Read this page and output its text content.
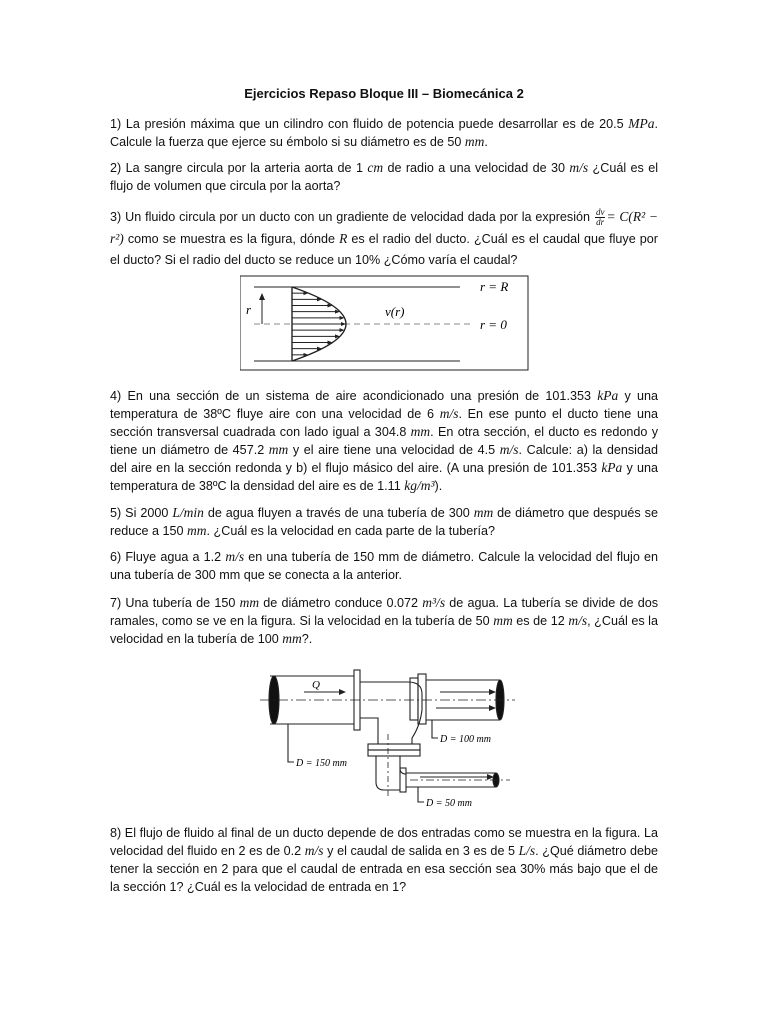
Ejercicios Repaso Bloque III – Biomecánica 2
1) La presión máxima que un cilindro con fluido de potencia puede desarrollar es de 20.5 MPa. Calcule la fuerza que ejerce su émbolo si su diámetro es de 50 mm.
2) La sangre circula por la arteria aorta de 1 cm de radio a una velocidad de 30 m/s ¿Cuál es el flujo de volumen que circula por la aorta?
3) Un fluido circula por un ducto con un gradiente de velocidad dada por la expresión $\frac{dv}{dr} = C(R^2 - r^2)$ como se muestra es la figura, dónde R es el radio del ducto. ¿Cuál es el caudal que fluye por el ducto? Si el radio del ducto se reduce un 10% ¿Cómo varía el caudal?
r	v(r)
r = R
r = 0
4) En una sección de un sistema de aire acondicionado una presión de 101.353 kPa y una temperatura de 38ºC fluye aire con una velocidad de 6 m/s. En ese punto el ducto tiene una sección transversal cuadrada con lado igual a 304.8 mm. En otra sección, el ducto es redondo y tiene un diámetro de 457.2 mm y el aire tiene una velocidad de 4.5 m/s. Calcule: a) la densidad del aire en la sección redonda y b) el flujo másico del aire. (A una presión de 101.353 kPa y una temperatura de 38ºC la densidad del aire es de 1.11 kg/m³).
5) Si 2000 L/min de agua fluyen a través de una tubería de 300 mm de diámetro que después se reduce a 150 mm. ¿Cuál es la velocidad en cada parte de la tubería?
6) Fluye agua a 1.2 m/s en una tubería de 150 mm de diámetro. Calcule la velocidad del flujo en una tubería de 300 mm que se conecta a la anterior.
7) Una tubería de 150 mm de diámetro conduce 0.072 m³/s de agua. La tubería se divide de dos ramales, como se ve en la figura. Si la velocidad en la tubería de 50 mm es de 12 m/s, ¿Cuál es la velocidad en la tubería de 100 mm?.
Q
D = 150 mm
D = 100 mm
D = 50 mm
8) El flujo de fluido al final de un ducto depende de dos entradas como se muestra en la figura. La velocidad del fluido en 2 es de 0.2 m/s y el caudal de salida en 3 es de 5 L/s. ¿Qué diámetro debe tener la sección en 2 para que el caudal de entrada en esa sección sea 30% más bajo que el de la sección 1? ¿Cuál es la velocidad de entrada en 1?
